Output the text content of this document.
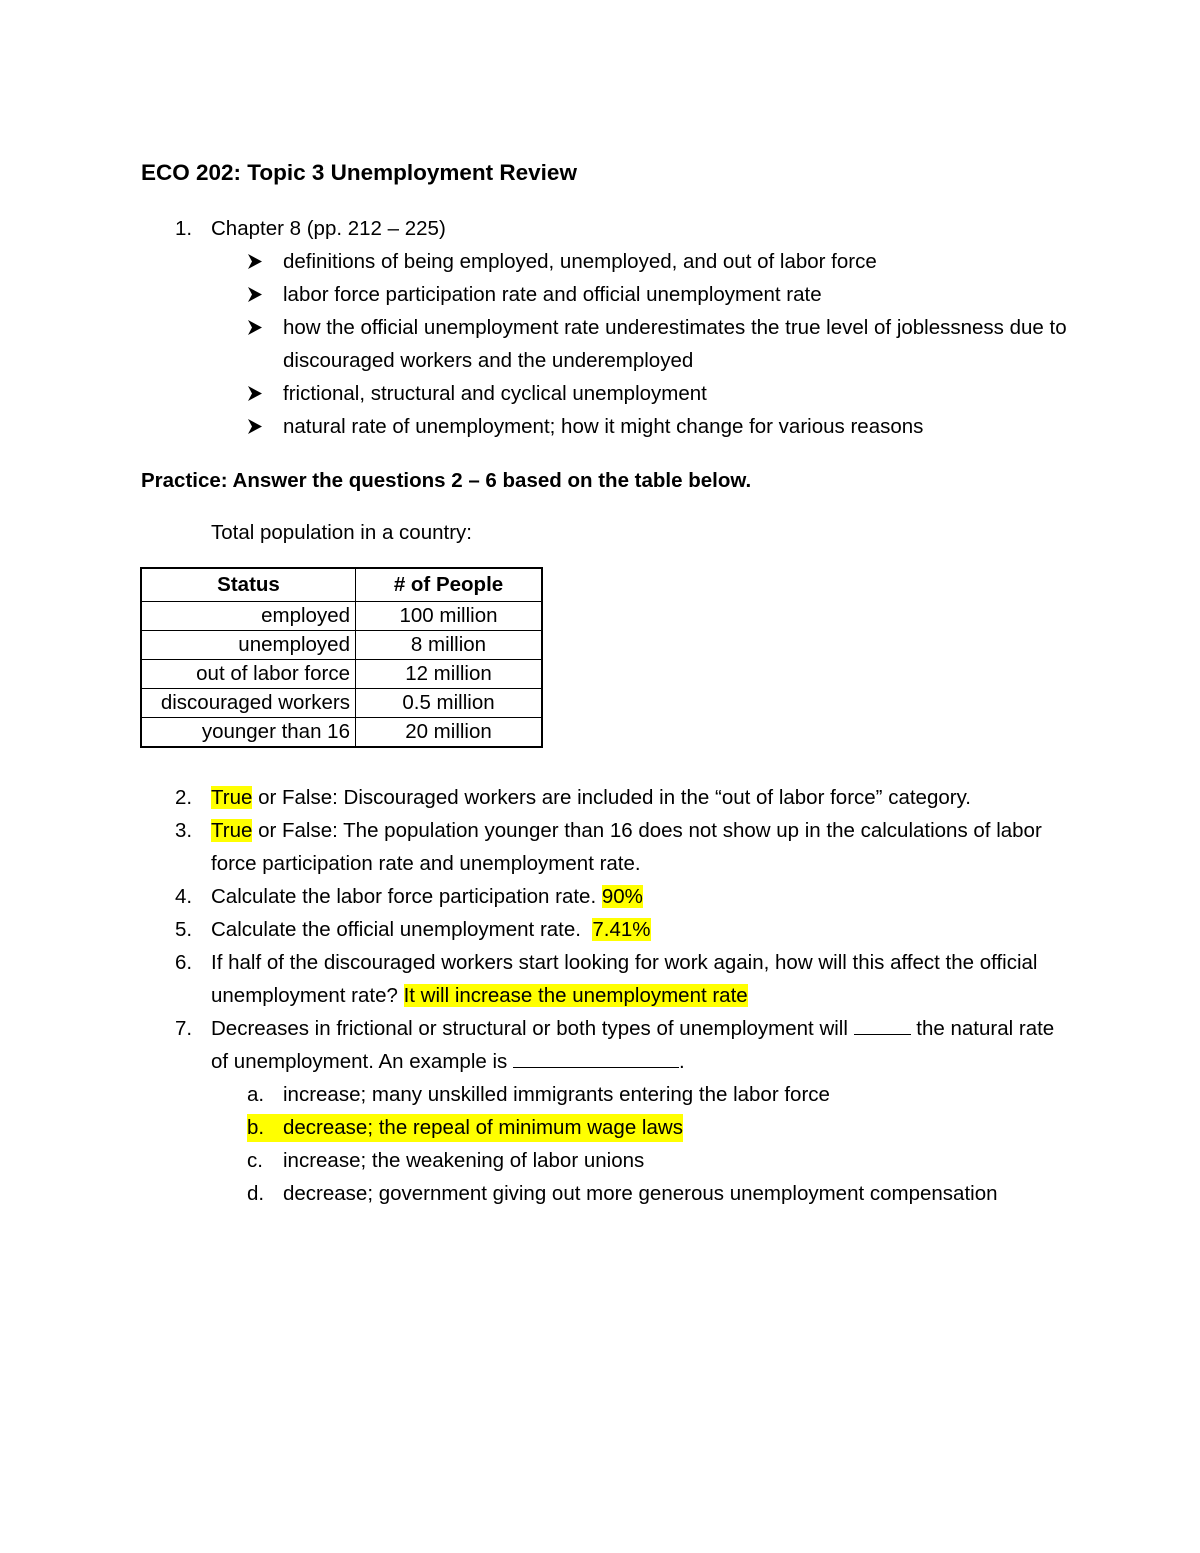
ECO 202: Topic 3 Unemployment Review
1. Chapter 8 (pp. 212 – 225)
definitions of being employed, unemployed, and out of labor force
labor force participation rate and official unemployment rate
how the official unemployment rate underestimates the true level of joblessness due to
discouraged workers and the underemployed
frictional, structural and cyclical unemployment
natural rate of unemployment; how it might change for various reasons
Practice: Answer the questions 2 – 6 based on the table below.
Total population in a country:
Status	# of People
employed	100 million
unemployed	8 million
out of labor force	12 million
discouraged workers	0.5 million
younger than 16	20 million
2. True or False: Discouraged workers are included in the “out of labor force” category.
3. True or False: The population younger than 16 does not show up in the calculations of labor
force participation rate and unemployment rate.
4. Calculate the labor force participation rate. 90%
5. Calculate the official unemployment rate.  7.41%
6. If half of the discouraged workers start looking for work again, how will this affect the official
unemployment rate? It will increase the unemployment rate
7. Decreases in frictional or structural or both types of unemployment will	the natural rate
of unemployment. An example is	.
a. increase; many unskilled immigrants entering the labor force
b. decrease; the repeal of minimum wage laws
c. increase; the weakening of labor unions
d. decrease; government giving out more generous unemployment compensation
